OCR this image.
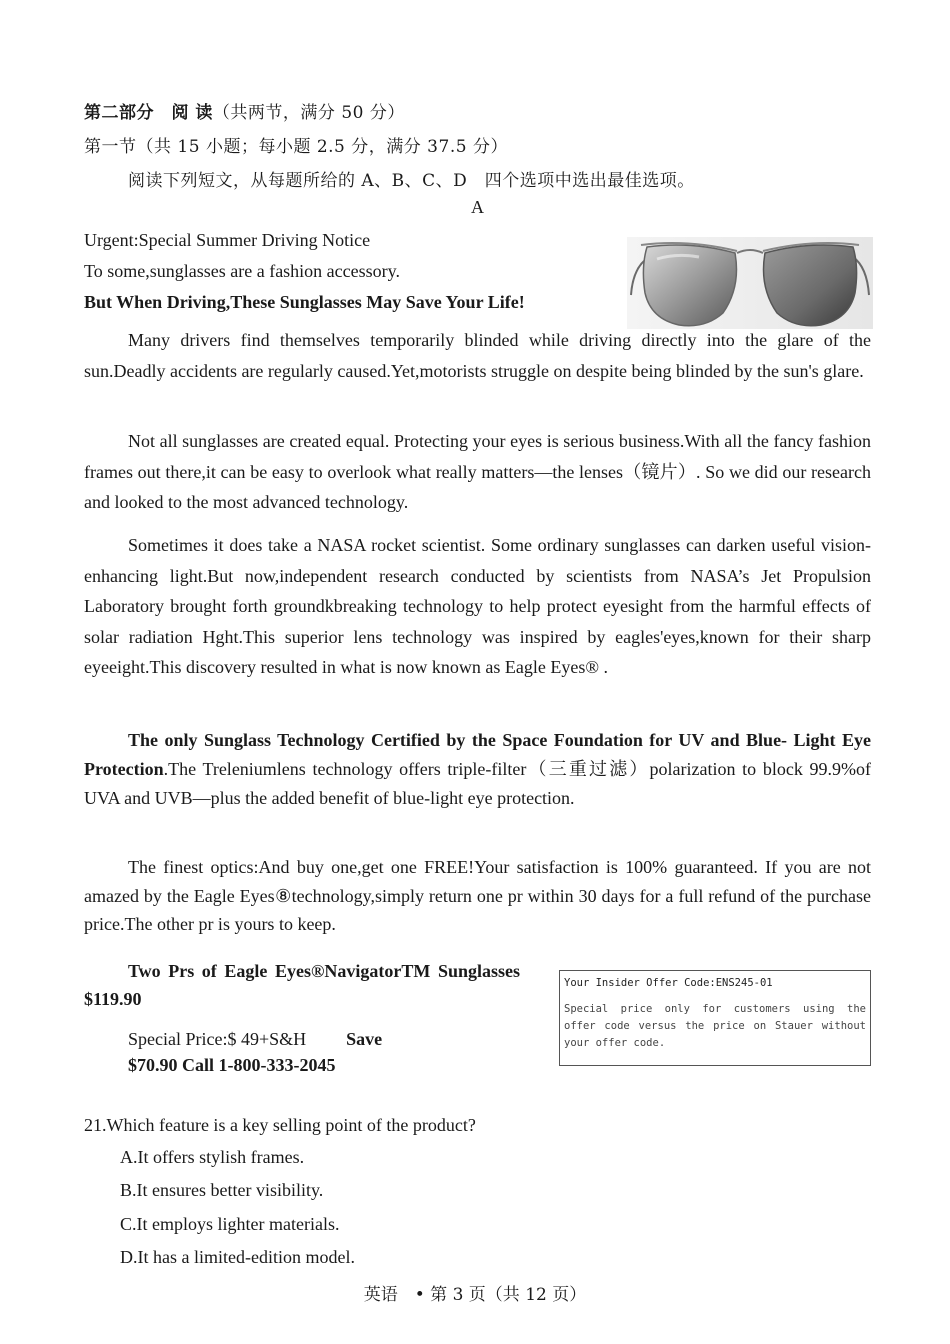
第二部分　阅 读（共两节，满分 50 分）
第一节（共 15 小题；每小题 2.5 分，满分 37.5 分）
阅读下列短文，从每题所给的 A、B、C、D　四个选项中选出最佳选项。
A
Urgent:Special Summer Driving Notice
To some,sunglasses are a fashion accessory.
But When Driving,These Sunglasses May Save Your Life!
Many drivers find themselves temporarily blinded while driving directly into the glare of the sun.Deadly accidents are regularly caused.Yet,motorists struggle on despite being blinded by the sun's glare.
Not all sunglasses are created equal. Protecting your eyes is serious business.With all the fancy fashion frames out there,it can be easy to overlook what really matters—the lenses（镜片）. So we did our research and looked to the most advanced technology.
Sometimes it does take a NASA rocket scientist. Some ordinary sunglasses can darken useful vision-enhancing light.But now,independent research conducted by scientists from NASA’s Jet Propulsion Laboratory brought forth groundkbreaking technology to help protect eyesight from the harmful effects of solar radiation Hght.This superior lens technology was inspired by eagles'eyes,known for their sharp eyeeight.This discovery resulted in what is now known as Eagle Eyes® .
The only Sunglass Technology Certified by the Space Foundation for UV and Blue- Light Eye Protection.The Treleniumlens technology offers triple-filter（三重过滤）polarization to block 99.9%of UVA and UVB—plus the added benefit of blue-light eye protection.
The finest optics:And buy one,get one FREE!Your satisfaction is 100% guaranteed. If you are not amazed by the Eagle Eyes⑧technology,simply return one pr within 30 days for a full refund of the purchase price.The other pr is yours to keep.
Two Prs of Eagle Eyes®NavigatorTM Sunglasses $119.90
Special Price:$ 49+S&H Save
$70.90 Call 1-800-333-2045
Your Insider Offer Code:ENS245-01
Special price only for customers using the offer code versus the price on Stauer without your offer code.
21.Which feature is a key selling point of the product?
A.It offers stylish frames.
B.It ensures better visibility.
C.It employs lighter materials.
D.It has a limited-edition model.
英语　• 第 3 页（共 12 页）
